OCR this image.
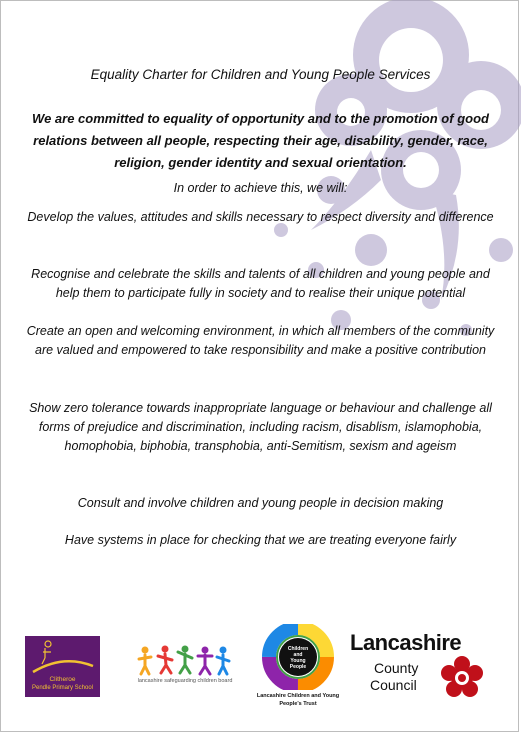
Equality Charter for Children and Young People Services
We are committed to equality of opportunity and to the promotion of good relations between all people, respecting their age, disability, gender, race, religion, gender identity and sexual orientation.
In order to achieve this, we will:
Develop the values, attitudes and skills necessary to respect diversity and difference
Recognise and celebrate the skills and talents of all children and young people and help them to participate fully in society and to realise their unique potential
Create an open and welcoming environment, in which all members of the community are valued and empowered to take responsibility and make a positive contribution
Show zero tolerance towards inappropriate language or behaviour and challenge all forms of prejudice and discrimination, including racism, disablism, islamophobia, homophobia, biphobia, transphobia, anti-Semitism, sexism and ageism
Consult and involve children and young people in decision making
Have systems in place for checking that we are treating everyone fairly
Clitheroe
Pendle Primary School
lancashire safeguarding children board
Children and Young People
Lancashire Children and Young People's Trust
Lancashire
County
Council
